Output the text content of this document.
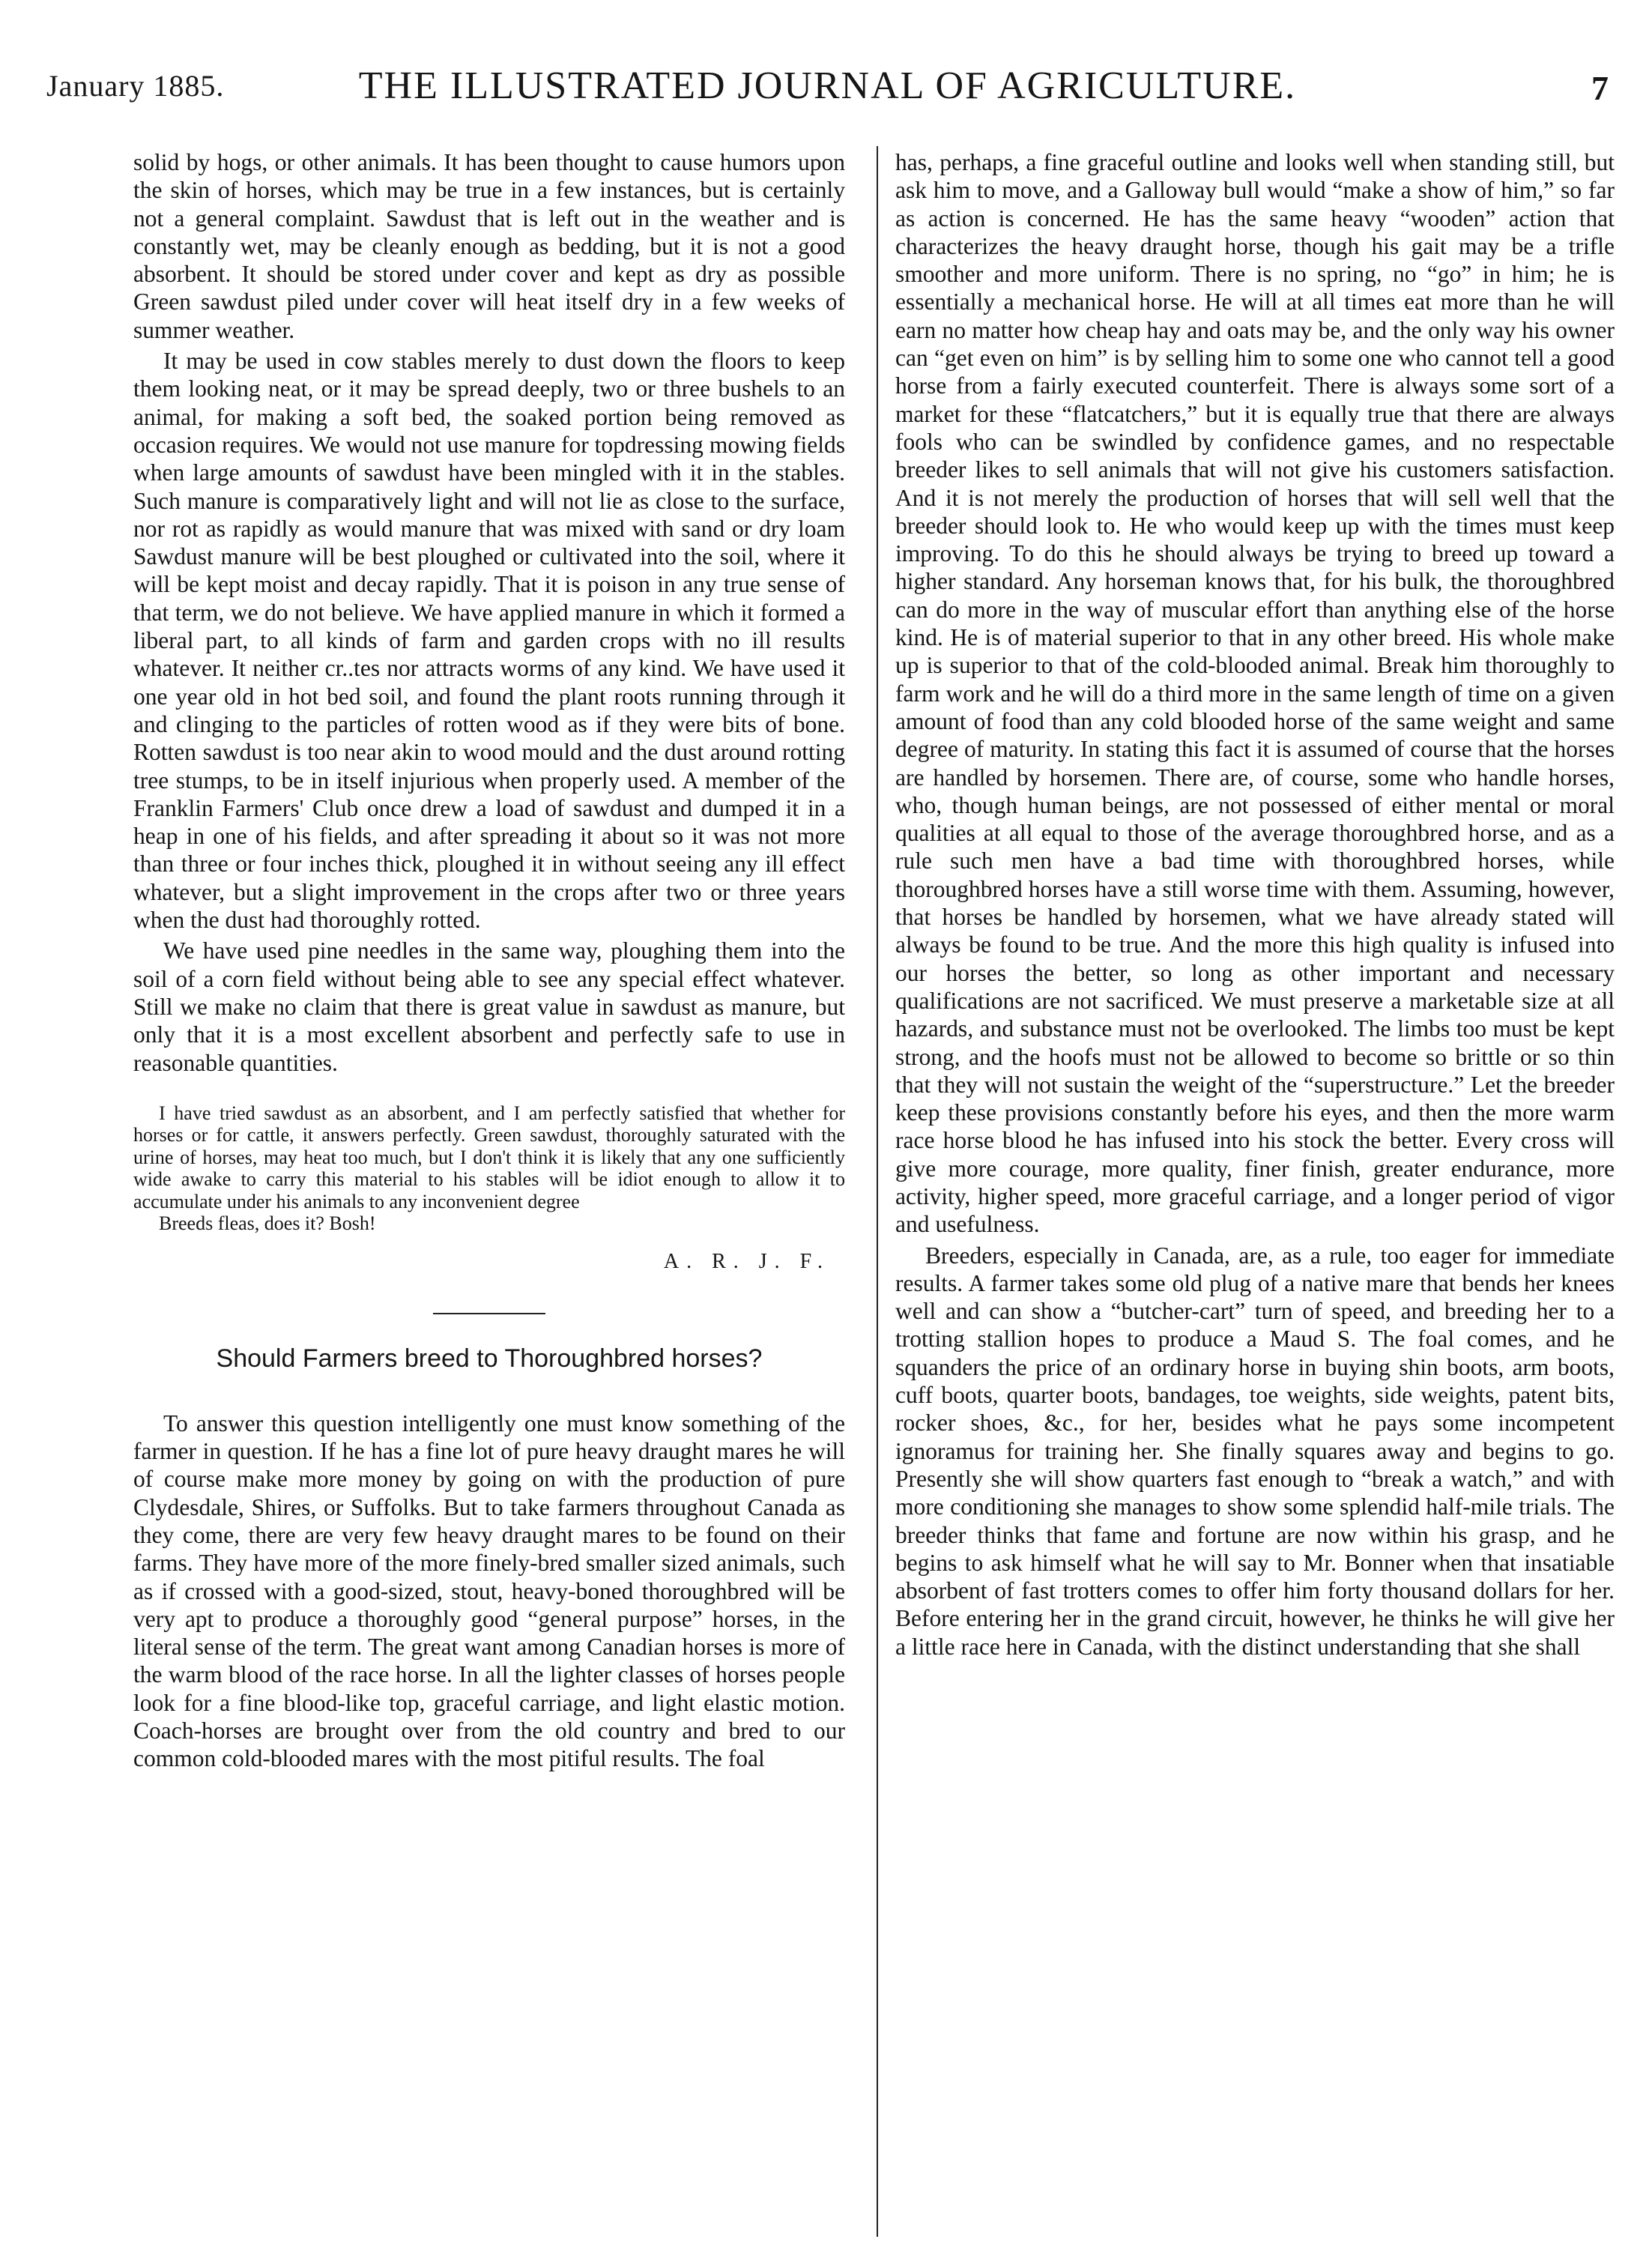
January 1885.	THE ILLUSTRATED JOURNAL OF AGRICULTURE.	7

solid by hogs, or other animals. It has been thought to cause humors upon the skin of horses, which may be true in a few instances, but is certainly not a general complaint. Sawdust that is left out in the weather and is constantly wet, may be cleanly enough as bedding, but it is not a good absorbent. It should be stored under cover and kept as dry as possible Green sawdust piled under cover will heat itself dry in a few weeks of summer weather.

It may be used in cow stables merely to dust down the floors to keep them looking neat, or it may be spread deeply, two or three bushels to an animal, for making a soft bed, the soaked portion being removed as occasion requires. We would not use manure for topdressing mowing fields when large amounts of sawdust have been mingled with it in the stables. Such manure is comparatively light and will not lie as close to the surface, nor rot as rapidly as would manure that was mixed with sand or dry loam Sawdust manure will be best ploughed or cultivated into the soil, where it will be kept moist and decay rapidly. That it is poison in any true sense of that term, we do not believe. We have applied manure in which it formed a liberal part, to all kinds of farm and garden crops with no ill results whatever. It neither cr..tes nor attracts worms of any kind. We have used it one year old in hot bed soil, and found the plant roots running through it and clinging to the particles of rotten wood as if they were bits of bone. Rotten sawdust is too near akin to wood mould and the dust around rotting tree stumps, to be in itself injurious when properly used. A member of the Franklin Farmers' Club once drew a load of sawdust and dumped it in a heap in one of his fields, and after spreading it about so it was not more than three or four inches thick, ploughed it in without seeing any ill effect whatever, but a slight improvement in the crops after two or three years when the dust had thoroughly rotted.

We have used pine needles in the same way, ploughing them into the soil of a corn field without being able to see any special effect whatever. Still we make no claim that there is great value in sawdust as manure, but only that it is a most excellent absorbent and perfectly safe to use in reasonable quantities.

I have tried sawdust as an absorbent, and I am perfectly satisfied that whether for horses or for cattle, it answers perfectly. Green sawdust, thoroughly saturated with the urine of horses, may heat too much, but I don't think it is likely that any one sufficiently wide awake to carry this material to his stables will be idiot enough to allow it to accumulate under his animals to any inconvenient degree

Breeds fleas, does it? Bosh!

A. R. J. F.
Should Farmers breed to Thoroughbred horses?

To answer this question intelligently one must know something of the farmer in question. If he has a fine lot of pure heavy draught mares he will of course make more money by going on with the production of pure Clydesdale, Shires, or Suffolks. But to take farmers throughout Canada as they come, there are very few heavy draught mares to be found on their farms. They have more of the more finely-bred smaller sized animals, such as if crossed with a good-sized, stout, heavy-boned thoroughbred will be very apt to produce a thoroughly good “general purpose” horses, in the literal sense of the term. The great want among Canadian horses is more of the warm blood of the race horse. In all the lighter classes of horses people look for a fine blood-like top, graceful carriage, and light elastic motion. Coach-horses are brought over from the old country and bred to our common cold-blooded mares with the most pitiful results. The foal

has, perhaps, a fine graceful outline and looks well when standing still, but ask him to move, and a Galloway bull would “make a show of him,” so far as action is concerned. He has the same heavy “wooden” action that characterizes the heavy draught horse, though his gait may be a trifle smoother and more uniform. There is no spring, no “go” in him; he is essentially a mechanical horse. He will at all times eat more than he will earn no matter how cheap hay and oats may be, and the only way his owner can “get even on him” is by selling him to some one who cannot tell a good horse from a fairly executed counterfeit. There is always some sort of a market for these “flatcatchers,” but it is equally true that there are always fools who can be swindled by confidence games, and no respectable breeder likes to sell animals that will not give his customers satisfaction. And it is not merely the production of horses that will sell well that the breeder should look to. He who would keep up with the times must keep improving. To do this he should always be trying to breed up toward a higher standard. Any horseman knows that, for his bulk, the thoroughbred can do more in the way of muscular effort than anything else of the horse kind. He is of material superior to that in any other breed. His whole make up is superior to that of the cold-blooded animal. Break him thoroughly to farm work and he will do a third more in the same length of time on a given amount of food than any cold blooded horse of the same weight and same degree of maturity. In stating this fact it is assumed of course that the horses are handled by horsemen. There are, of course, some who handle horses, who, though human beings, are not possessed of either mental or moral qualities at all equal to those of the average thoroughbred horse, and as a rule such men have a bad time with thoroughbred horses, while thoroughbred horses have a still worse time with them. Assuming, however, that horses be handled by horsemen, what we have already stated will always be found to be true. And the more this high quality is infused into our horses the better, so long as other important and necessary qualifications are not sacrificed. We must preserve a marketable size at all hazards, and substance must not be overlooked. The limbs too must be kept strong, and the hoofs must not be allowed to become so brittle or so thin that they will not sustain the weight of the “superstructure.” Let the breeder keep these provisions constantly before his eyes, and then the more warm race horse blood he has infused into his stock the better. Every cross will give more courage, more quality, finer finish, greater endurance, more activity, higher speed, more graceful carriage, and a longer period of vigor and usefulness.

Breeders, especially in Canada, are, as a rule, too eager for immediate results. A farmer takes some old plug of a native mare that bends her knees well and can show a “butcher-cart” turn of speed, and breeding her to a trotting stallion hopes to produce a Maud S. The foal comes, and he squanders the price of an ordinary horse in buying shin boots, arm boots, cuff boots, quarter boots, bandages, toe weights, side weights, patent bits, rocker shoes, &c., for her, besides what he pays some incompetent ignoramus for training her. She finally squares away and begins to go. Presently she will show quarters fast enough to “break a watch,” and with more conditioning she manages to show some splendid half-mile trials. The breeder thinks that fame and fortune are now within his grasp, and he begins to ask himself what he will say to Mr. Bonner when that insatiable absorbent of fast trotters comes to offer him forty thousand dollars for her. Before entering her in the grand circuit, however, he thinks he will give her a little race here in Canada, with the distinct understanding that she shall
